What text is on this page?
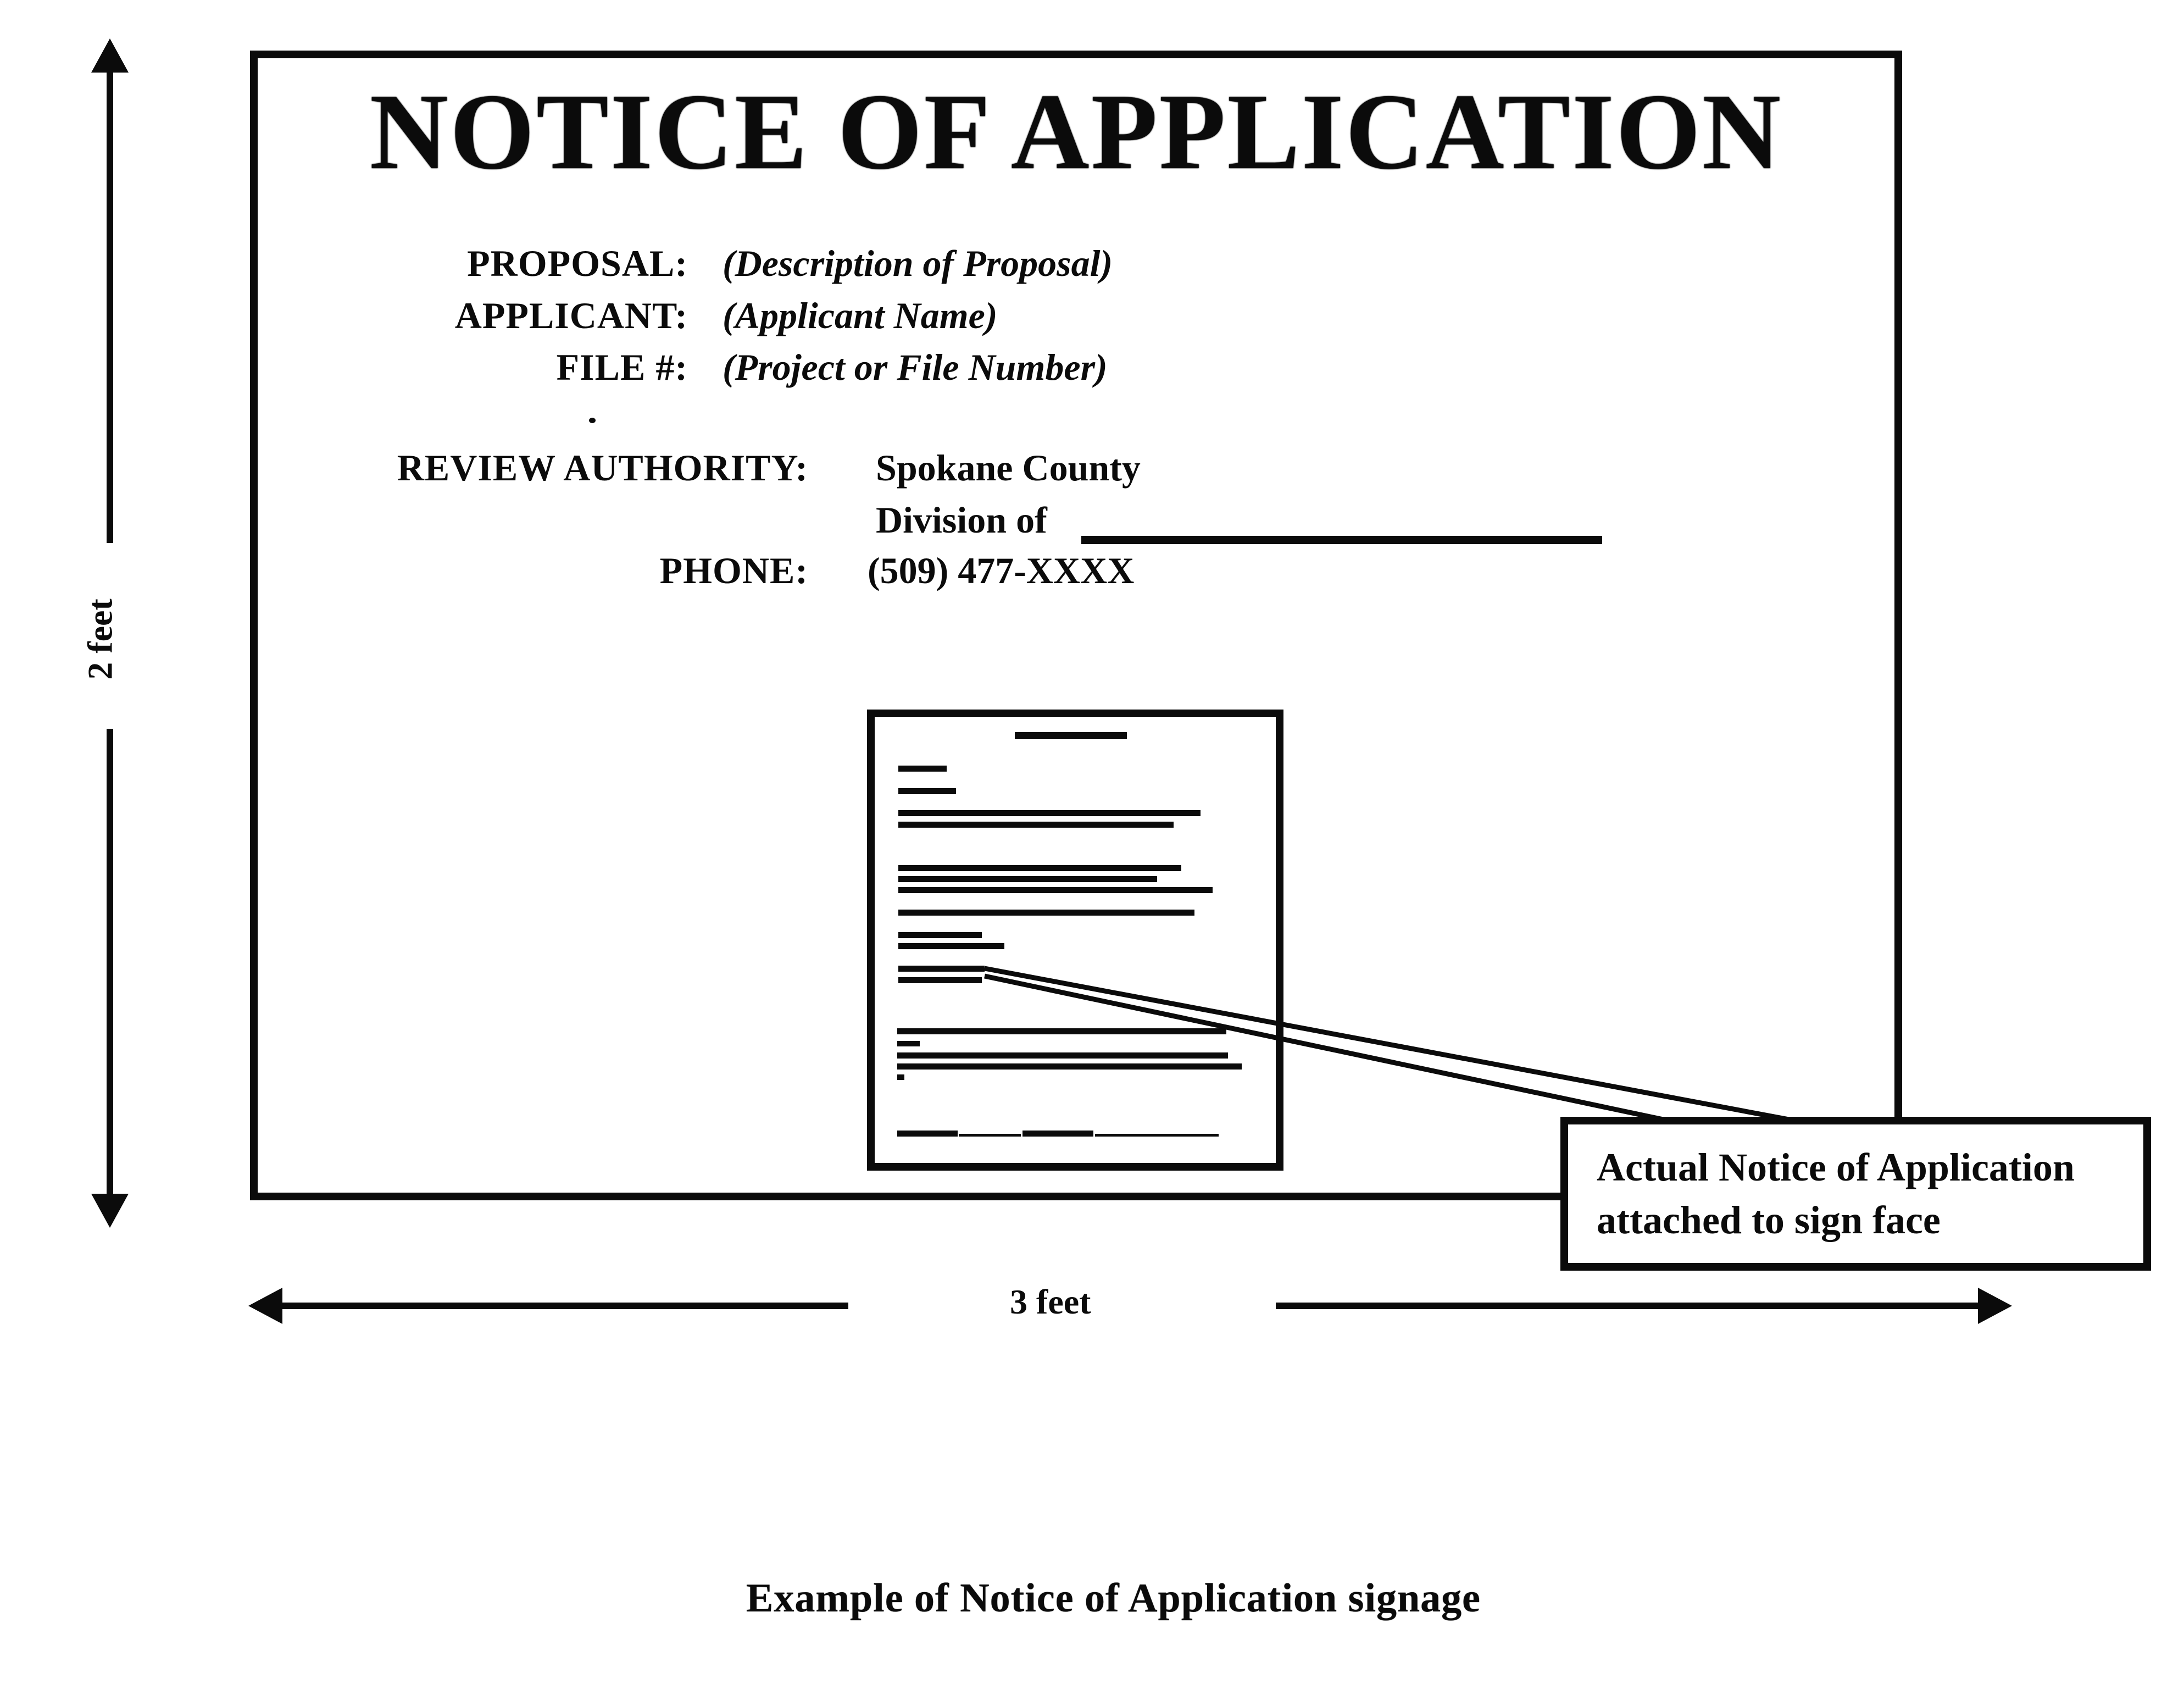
2 feet
NOTICE OF APPLICATION
PROPOSAL: (Description of Proposal)
APPLICANT: (Applicant Name)
FILE #: (Project or File Number)
REVIEW AUTHORITY: Spokane County
Division of
PHONE: (509) 477-XXXX
Actual Notice of Application
attached to sign face
3 feet
Example of Notice of Application signage
